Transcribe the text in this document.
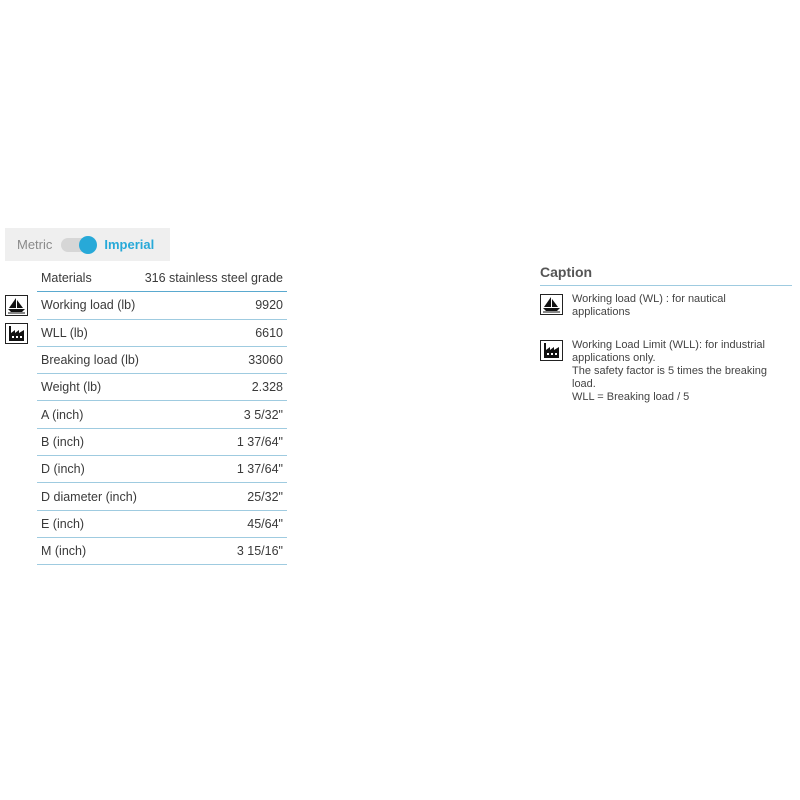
Metric	Imperial
Materials	316 stainless steel grade
Working load (lb)	9920
WLL (lb)	6610
Breaking load (lb)	33060
Weight (lb)	2.328
A (inch)	3 5/32"
B (inch)	1 37/64"
D (inch)	1 37/64"
D diameter (inch)	25/32"
E (inch)	45/64"
M (inch)	3 15/16"
Caption
Working load (WL) : for nautical
applications
Working Load Limit (WLL): for industrial
applications only.
The safety factor is 5 times the breaking
load.
WLL = Breaking load / 5
